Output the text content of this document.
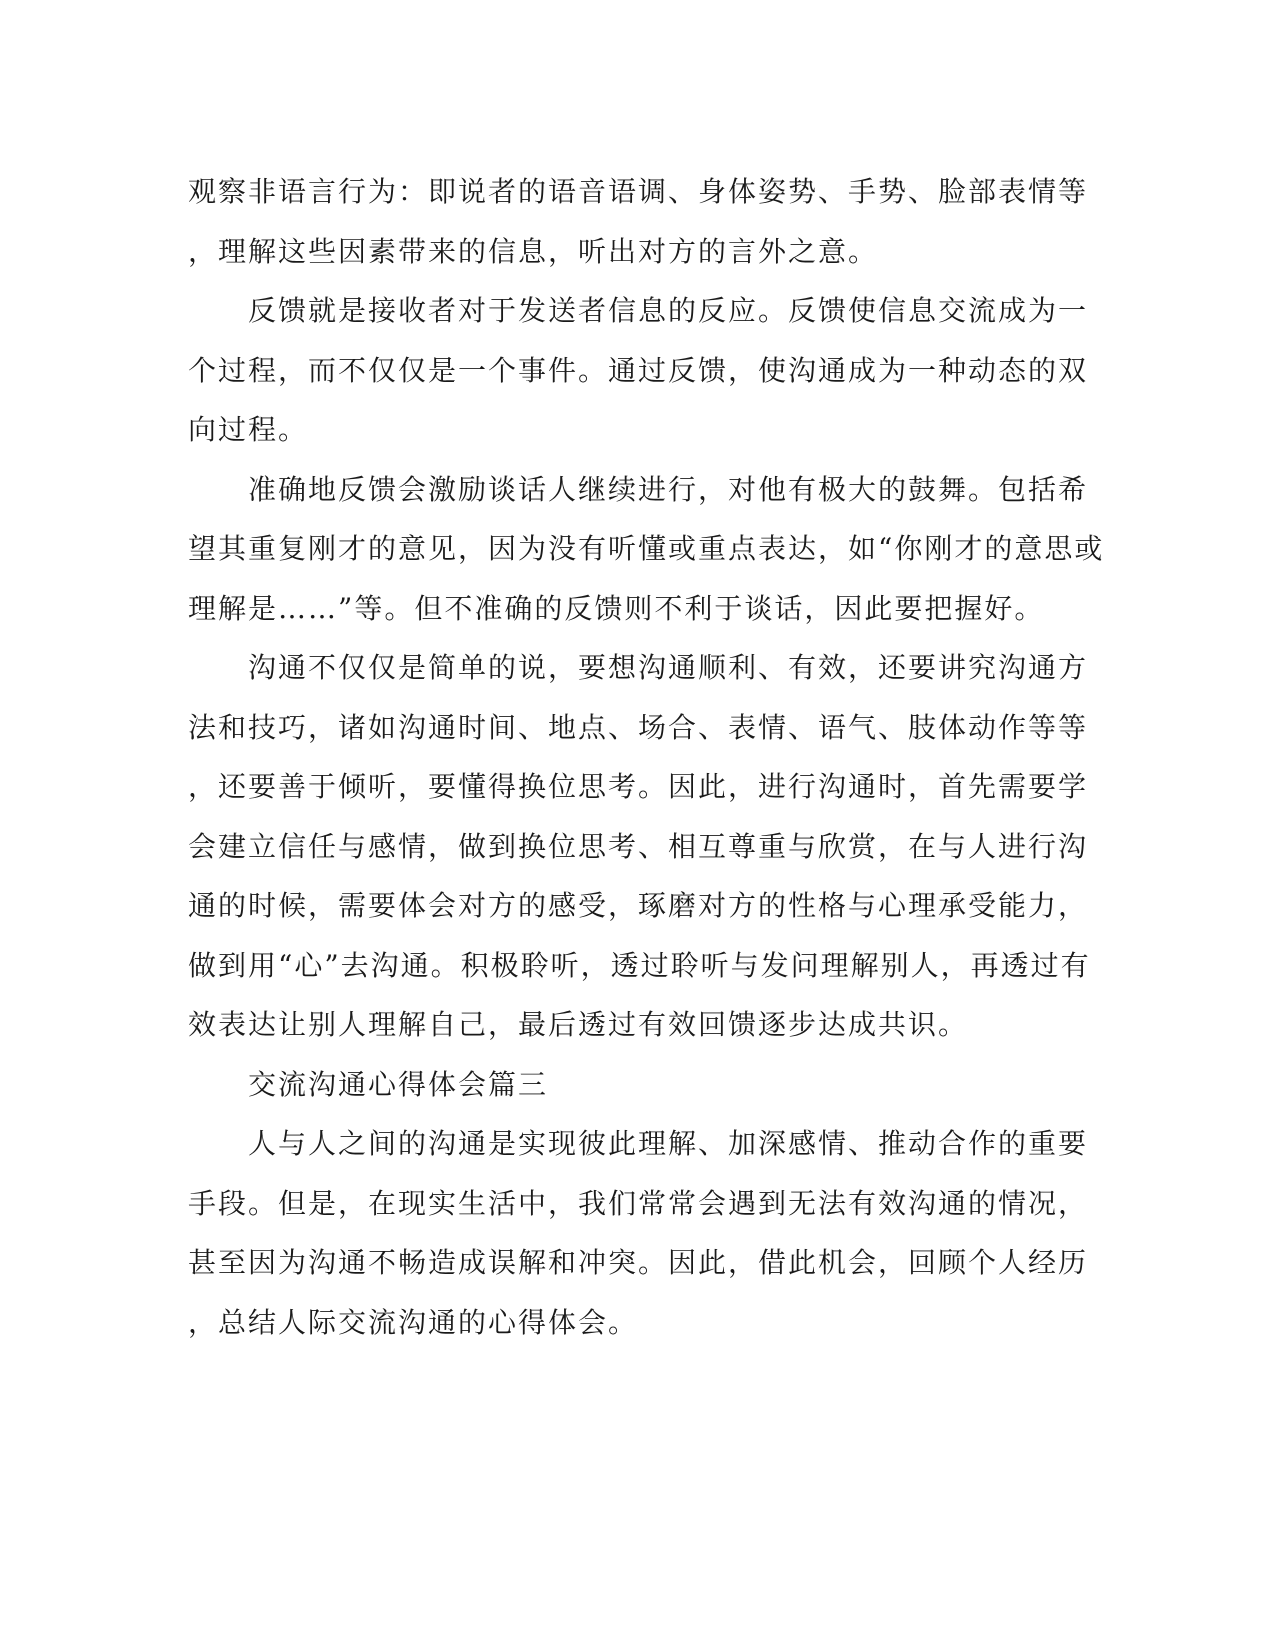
观察非语言行为：即说者的语音语调、身体姿势、手势、脸部表情等

，理解这些因素带来的信息，听出对方的言外之意。

　　反馈就是接收者对于发送者信息的反应。反馈使信息交流成为一

个过程，而不仅仅是一个事件。通过反馈，使沟通成为一种动态的双

向过程。

　　准确地反馈会激励谈话人继续进行，对他有极大的鼓舞。包括希

望其重复刚才的意见，因为没有听懂或重点表达，如“你刚才的意思或

理解是……”等。但不准确的反馈则不利于谈话，因此要把握好。

　　沟通不仅仅是简单的说，要想沟通顺利、有效，还要讲究沟通方

法和技巧，诸如沟通时间、地点、场合、表情、语气、肢体动作等等

，还要善于倾听，要懂得换位思考。因此，进行沟通时，首先需要学

会建立信任与感情，做到换位思考、相互尊重与欣赏，在与人进行沟

通的时候，需要体会对方的感受，琢磨对方的性格与心理承受能力，

做到用“心”去沟通。积极聆听，透过聆听与发问理解别人，再透过有

效表达让别人理解自己，最后透过有效回馈逐步达成共识。

　　交流沟通心得体会篇三

　　人与人之间的沟通是实现彼此理解、加深感情、推动合作的重要

手段。但是，在现实生活中，我们常常会遇到无法有效沟通的情况，

甚至因为沟通不畅造成误解和冲突。因此，借此机会，回顾个人经历

，总结人际交流沟通的心得体会。
